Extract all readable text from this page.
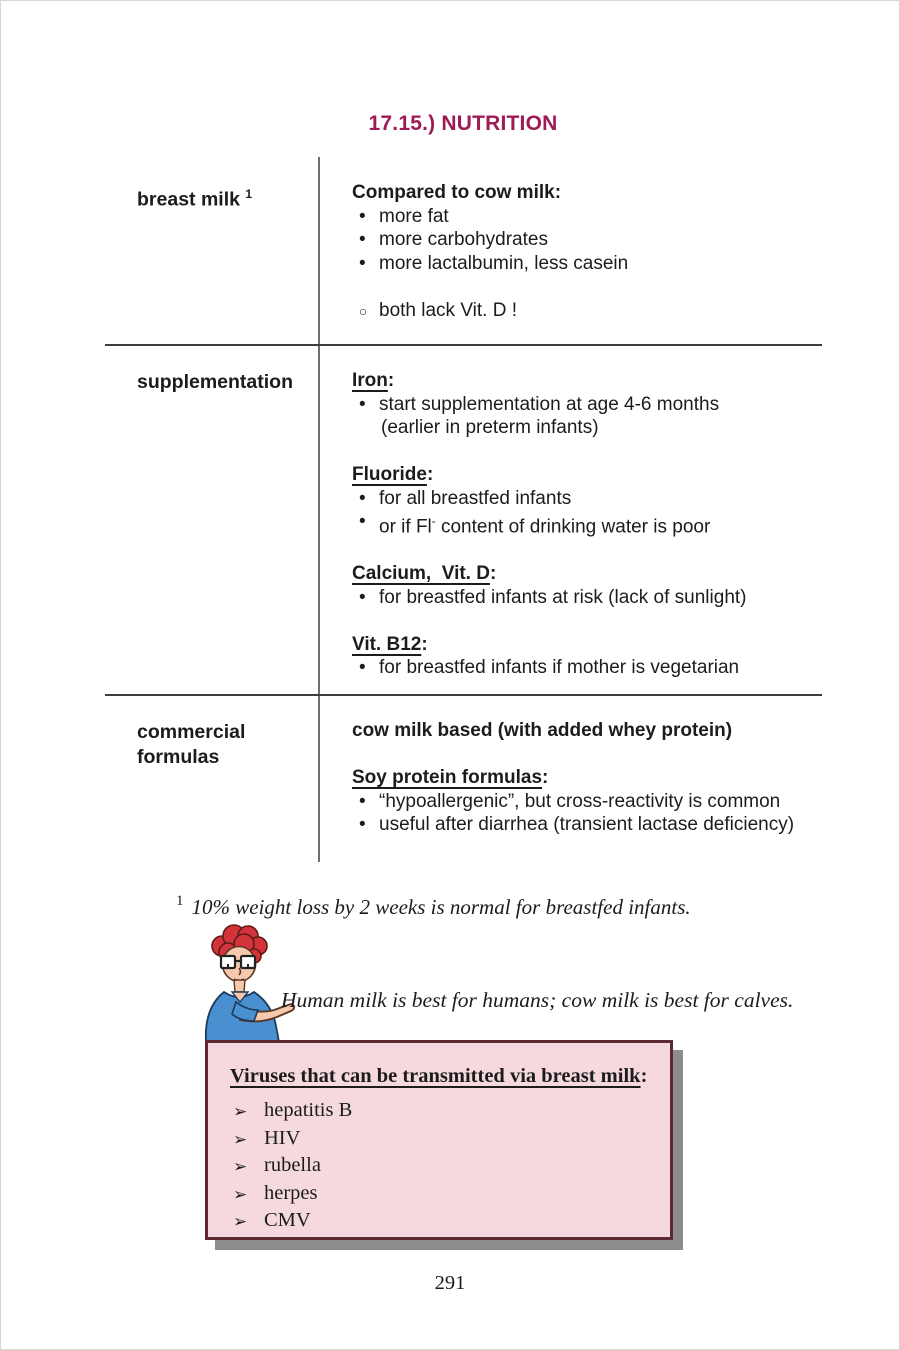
17.15.) NUTRITION
breast milk $^1$	Compared to cow milk:
• more fat
• more carbohydrates
• more lactalbumin, less casein
○ both lack Vit. D !
supplementation	Iron:
• start supplementation at age 4-6 months
(earlier in preterm infants)
Fluoride:
• for all breastfed infants
• or if Fl- content of drinking water is poor
Calcium,  Vit. D:
• for breastfed infants at risk (lack of sunlight)
Vit. B12:
• for breastfed infants if mother is vegetarian
commercial
formulas
cow milk based (with added whey protein)
Soy protein formulas:
• “hypoallergenic”, but cross-reactivity is common
• useful after diarrhea (transient lactase deficiency)
$^1$ 10% weight loss by 2 weeks is normal for breastfed infants.
Human milk is best for humans; cow milk is best for calves.
Viruses that can be transmitted via breast milk:
➢ hepatitis B
➢ HIV
➢ rubella
➢ herpes
➢ CMV
291
